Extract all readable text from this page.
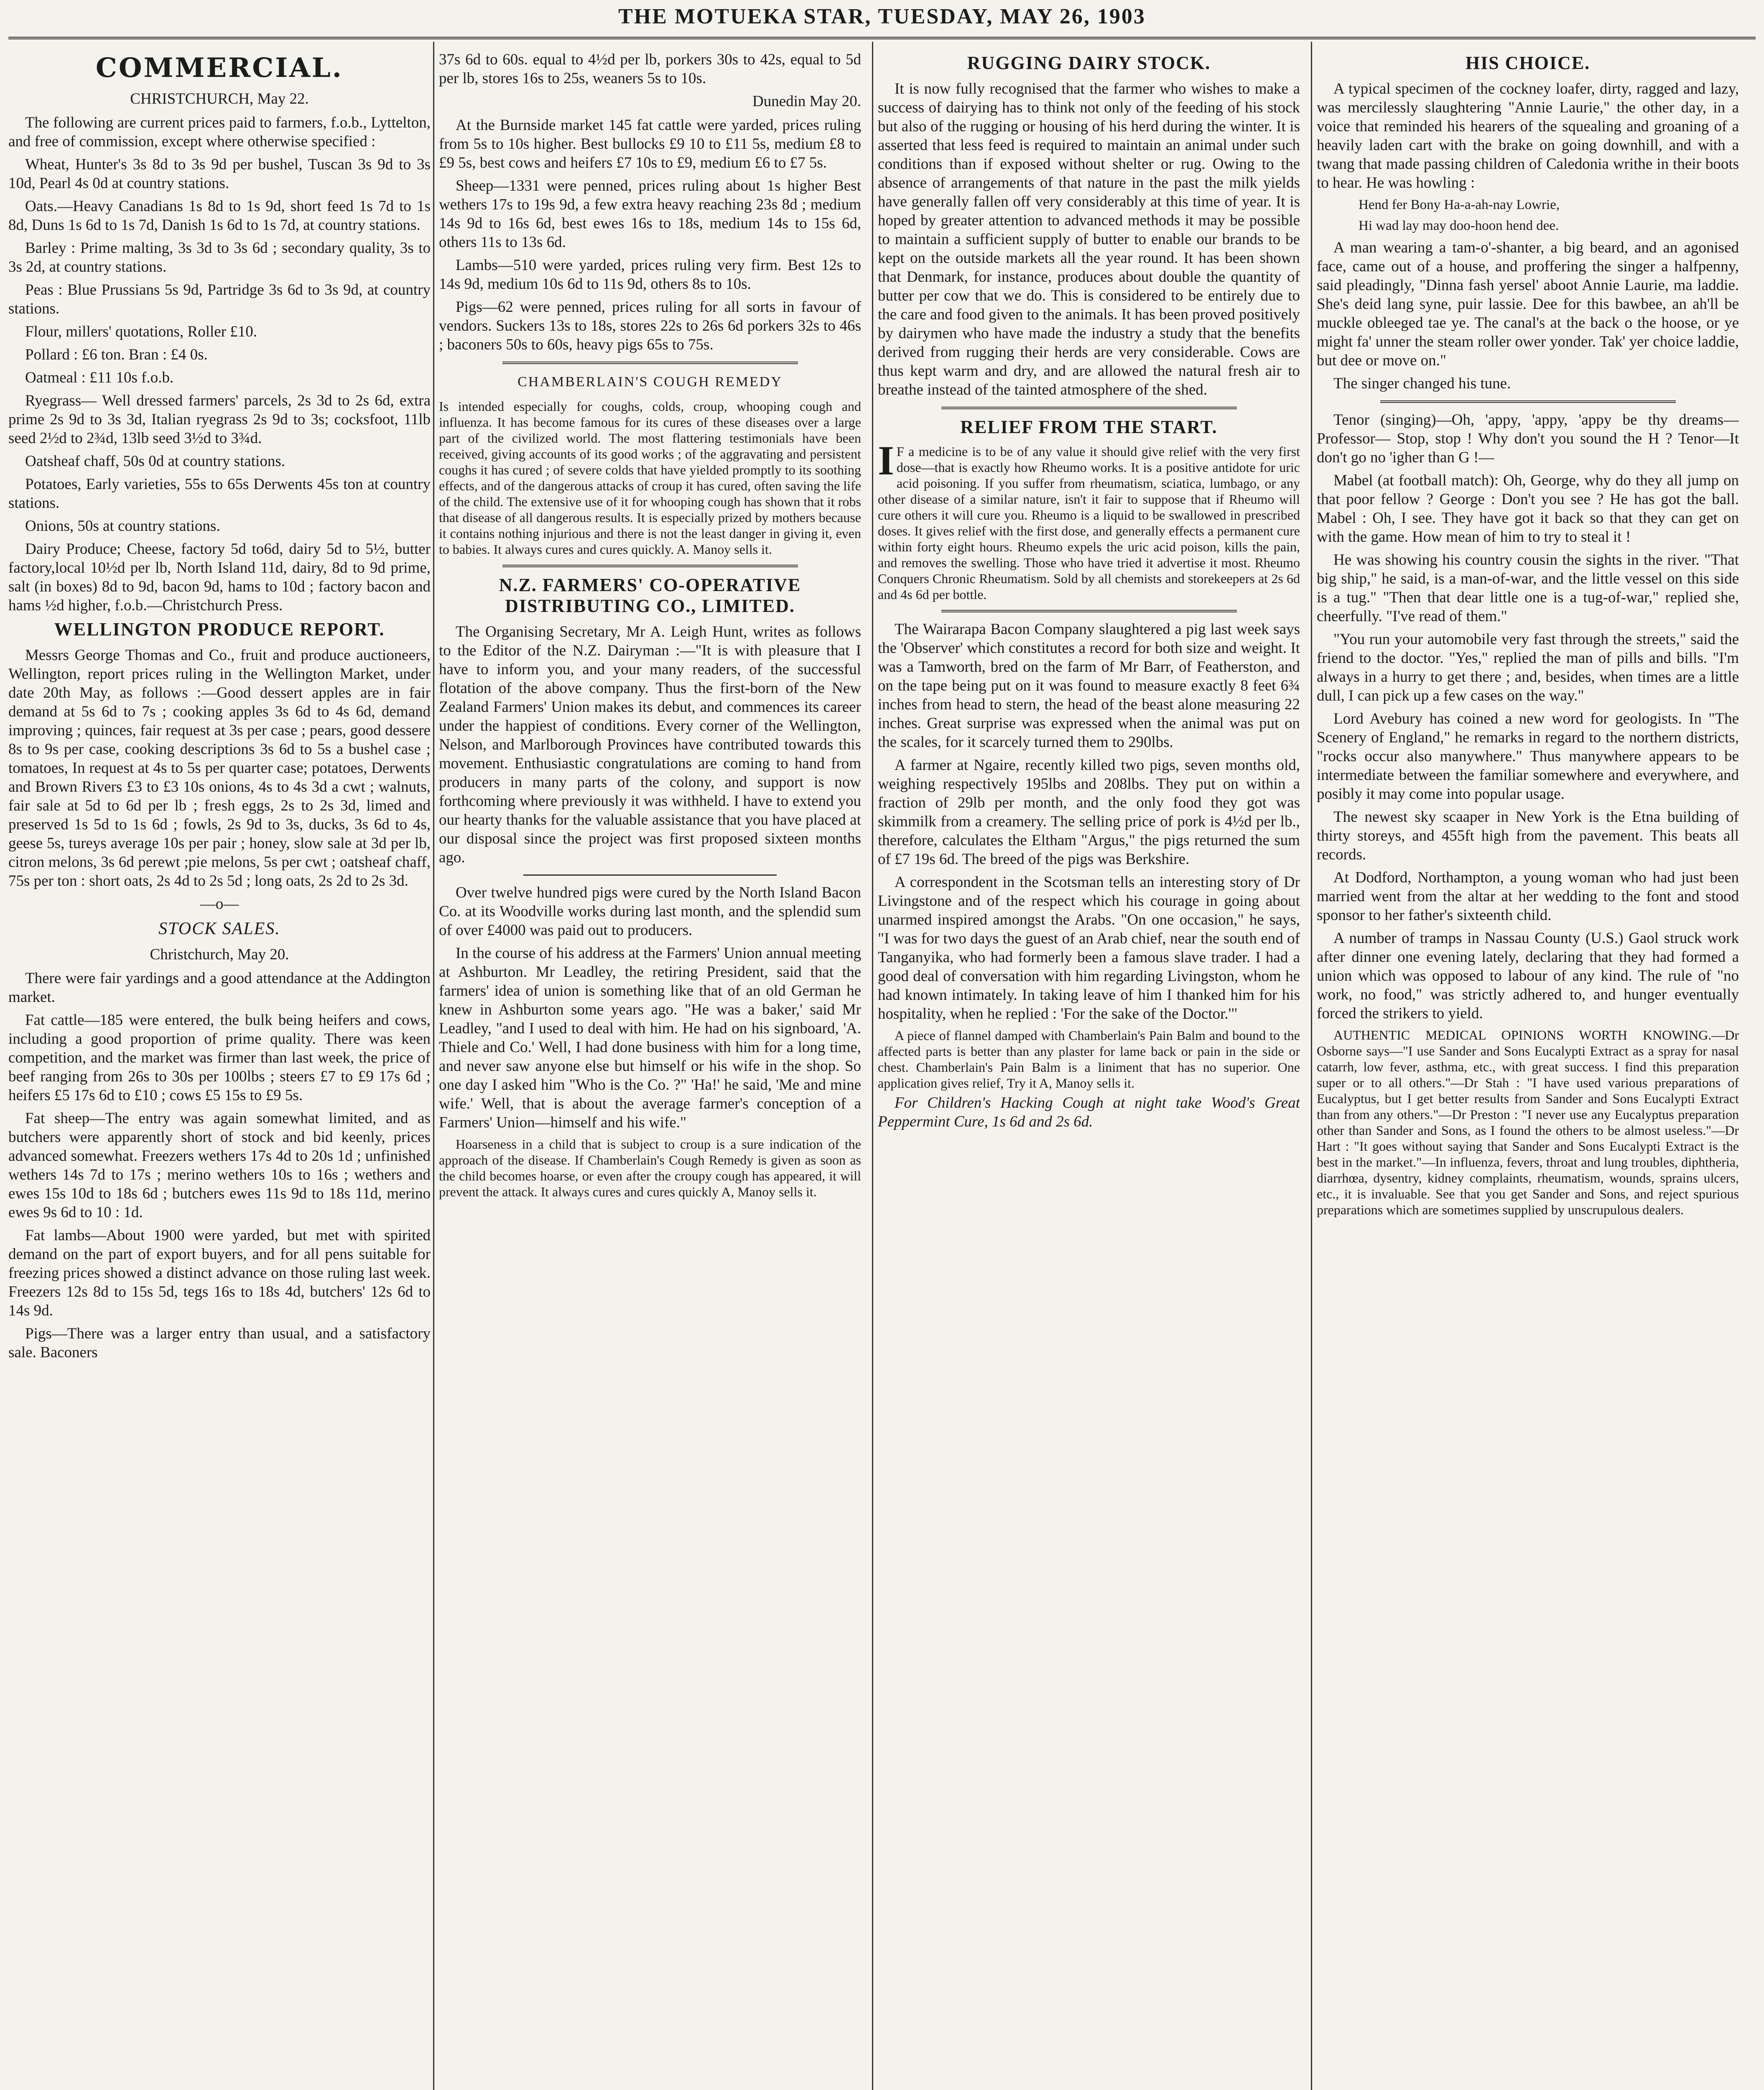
THE MOTUEKA STAR, TUESDAY, MAY 26, 1903
COMMERCIAL.
CHRISTCHURCH, May 22.

The following are current prices paid to farmers, f.o.b., Lyttelton, and free of commission, except where otherwise specified :

Wheat, Hunter's 3s 8d to 3s 9d per bushel, Tuscan 3s 9d to 3s 10d, Pearl 4s 0d at country stations.

Oats.—Heavy Canadians 1s 8d to 1s 9d, short feed 1s 7d to 1s 8d, Duns 1s 6d to 1s 7d, Danish 1s 6d to 1s 7d, at country stations.

Barley : Prime malting, 3s 3d to 3s 6d ; secondary quality, 3s to 3s 2d, at country stations.

Peas : Blue Prussians 5s 9d, Partridge 3s 6d to 3s 9d, at country stations.

Flour, millers' quotations, Roller £10.

Pollard : £6 ton. Bran : £4 0s.

Oatmeal : £11 10s f.o.b.

Ryegrass— Well dressed farmers' parcels, 2s 3d to 2s 6d, extra prime 2s 9d to 3s 3d, Italian ryegrass 2s 9d to 3s; cocksfoot, 11lb seed 2½d to 2¾d, 13lb seed 3½d to 3¾d.

Oatsheaf chaff, 50s 0d at country stations.

Potatoes, Early varieties, 55s to 65s Derwents 45s ton at country stations.

Onions, 50s at country stations.

Dairy Produce; Cheese, factory 5d to6d, dairy 5d to 5½, butter factory,local 10½d per lb, North Island 11d, dairy, 8d to 9d prime, salt (in boxes) 8d to 9d, bacon 9d, hams to 10d ; factory bacon and hams ½d higher, f.o.b.—Christchurch Press.

WELLINGTON PRODUCE REPORT.

Messrs George Thomas and Co., fruit and produce auctioneers, Wellington, report prices ruling in the Wellington Market, under date 20th May, as follows :—Good dessert apples are in fair demand at 5s 6d to 7s ; cooking apples 3s 6d to 4s 6d, demand improving ; quinces, fair request at 3s per case ; pears, good dessere 8s to 9s per case, cooking descriptions 3s 6d to 5s a bushel case ; tomatoes, In request at 4s to 5s per quarter case; potatoes, Derwents and Brown Rivers £3 to £3 10s onions, 4s to 4s 3d a cwt ; walnuts, fair sale at 5d to 6d per lb ; fresh eggs, 2s to 2s 3d, limed and preserved 1s 5d to 1s 6d ; fowls, 2s 9d to 3s, ducks, 3s 6d to 4s, geese 5s, tureys average 10s per pair ; honey, slow sale at 3d per lb, citron melons, 3s 6d perewt ;pie melons, 5s per cwt ; oatsheaf chaff, 75s per ton : short oats, 2s 4d to 2s 5d ; long oats, 2s 2d to 2s 3d.

—o—
STOCK SALES.
Christchurch, May 20.

There were fair yardings and a good attendance at the Addington market.

Fat cattle—185 were entered, the bulk being heifers and cows, including a good proportion of prime quality. There was keen competition, and the market was firmer than last week, the price of beef ranging from 26s to 30s per 100lbs ; steers £7 to £9 17s 6d ; heifers £5 17s 6d to £10 ; cows £5 15s to £9 5s.

Fat sheep—The entry was again somewhat limited, and as butchers were apparently short of stock and bid keenly, prices advanced somewhat. Freezers wethers 17s 4d to 20s 1d ; unfinished wethers 14s 7d to 17s ; merino wethers 10s to 16s ; wethers and ewes 15s 10d to 18s 6d ; butchers ewes 11s 9d to 18s 11d, merino ewes 9s 6d to 10 : 1d.

Fat lambs—About 1900 were yarded, but met with spirited demand on the part of export buyers, and for all pens suitable for freezing prices showed a distinct advance on those ruling last week. Freezers 12s 8d to 15s 5d, tegs 16s to 18s 4d, butchers' 12s 6d to 14s 9d.

Pigs—There was a larger entry than usual, and a satisfactory sale. Baconers

37s 6d to 60s. equal to 4½d per lb, porkers 30s to 42s, equal to 5d per lb, stores 16s to 25s, weaners 5s to 10s.

Dunedin May 20.

At the Burnside market 145 fat cattle were yarded, prices ruling from 5s to 10s higher. Best bullocks £9 10 to £11 5s, medium £8 to £9 5s, best cows and heifers £7 10s to £9, medium £6 to £7 5s.

Sheep—1331 were penned, prices ruling about 1s higher Best wethers 17s to 19s 9d, a few extra heavy reaching 23s 8d ; medium 14s 9d to 16s 6d, best ewes 16s to 18s, medium 14s to 15s 6d, others 11s to 13s 6d.

Lambs—510 were yarded, prices ruling very firm. Best 12s to 14s 9d, medium 10s 6d to 11s 9d, others 8s to 10s.

Pigs—62 were penned, prices ruling for all sorts in favour of vendors. Suckers 13s to 18s, stores 22s to 26s 6d porkers 32s to 46s ; baconers 50s to 60s, heavy pigs 65s to 75s.

CHAMBERLAIN'S COUGH REMEDY

Is intended especially for coughs, colds, croup, whooping cough and influenza. It has become famous for its cures of these diseases over a large part of the civilized world. The most flattering testimonials have been received, giving accounts of its good works ; of the aggravating and persistent coughs it has cured ; of severe colds that have yielded promptly to its soothing effects, and of the dangerous attacks of croup it has cured, often saving the life of the child. The extensive use of it for whooping cough has shown that it robs that disease of all dangerous results. It is especially prized by mothers because it contains nothing injurious and there is not the least danger in giving it, even to babies. It always cures and cures quickly. A. Manoy sells it.

N.Z. FARMERS' CO-OPERATIVE DISTRIBUTING CO., LIMITED.

The Organising Secretary, Mr A. Leigh Hunt, writes as follows to the Editor of the N.Z. Dairyman :—"It is with pleasure that I have to inform you, and your many readers, of the successful flotation of the above company. Thus the first-born of the New Zealand Farmers' Union makes its debut, and commences its career under the happiest of conditions. Every corner of the Wellington, Nelson, and Marlborough Provinces have contributed towards this movement. Enthusiastic congratulations are coming to hand from producers in many parts of the colony, and support is now forthcoming where previously it was withheld. I have to extend you our hearty thanks for the valuable assistance that you have placed at our disposal since the project was first proposed sixteen months ago.

Over twelve hundred pigs were cured by the North Island Bacon Co. at its Woodville works during last month, and the splendid sum of over £4000 was paid out to producers.

In the course of his address at the Farmers' Union annual meeting at Ashburton. Mr Leadley, the retiring President, said that the farmers' idea of union is something like that of an old German he knew in Ashburton some years ago. "He was a baker,' said Mr Leadley, "and I used to deal with him. He had on his signboard, 'A. Thiele and Co.' Well, I had done business with him for a long time, and never saw anyone else but himself or his wife in the shop. So one day I asked him "Who is the Co. ?" 'Ha!' he said, 'Me and mine wife.' Well, that is about the average farmer's conception of a Farmers' Union—himself and his wife."

Hoarseness in a child that is subject to croup is a sure indication of the approach of the disease. If Chamberlain's Cough Remedy is given as soon as the child becomes hoarse, or even after the croupy cough has appeared, it will prevent the attack. It always cures and cures quickly A, Manoy sells it.

RUGGING DAIRY STOCK.

It is now fully recognised that the farmer who wishes to make a success of dairying has to think not only of the feeding of his stock but also of the rugging or housing of his herd during the winter. It is asserted that less feed is required to maintain an animal under such conditions than if exposed without shelter or rug. Owing to the absence of arrangements of that nature in the past the milk yields have generally fallen off very considerably at this time of year. It is hoped by greater attention to advanced methods it may be possible to maintain a sufficient supply of butter to enable our brands to be kept on the outside markets all the year round. It has been shown that Denmark, for instance, produces about double the quantity of butter per cow that we do. This is considered to be entirely due to the care and food given to the animals. It has been proved positively by dairymen who have made the industry a study that the benefits derived from rugging their herds are very considerable. Cows are thus kept warm and dry, and are allowed the natural fresh air to breathe instead of the tainted atmosphere of the shed.

RELIEF FROM THE START.

I F a medicine is to be of any value it should give relief with the very first dose—that is exactly how Rheumo works. It is a positive antidote for uric acid poisoning. If you suffer from rheumatism, sciatica, lumbago, or any other disease of a similar nature, isn't it fair to suppose that if Rheumo will cure others it will cure you. Rheumo is a liquid to be swallowed in prescribed doses. It gives relief with the first dose, and generally effects a permanent cure within forty eight hours. Rheumo expels the uric acid poison, kills the pain, and removes the swelling. Those who have tried it advertise it most. Rheumo Conquers Chronic Rheumatism. Sold by all chemists and storekeepers at 2s 6d and 4s 6d per bottle.

The Wairarapa Bacon Company slaughtered a pig last week says the 'Observer' which constitutes a record for both size and weight. It was a Tamworth, bred on the farm of Mr Barr, of Featherston, and on the tape being put on it was found to measure exactly 8 feet 6¾ inches from head to stern, the head of the beast alone measuring 22 inches. Great surprise was expressed when the animal was put on the scales, for it scarcely turned them to 290lbs.

A farmer at Ngaire, recently killed two pigs, seven months old, weighing respectively 195lbs and 208lbs. They put on within a fraction of 29lb per month, and the only food they got was skimmilk from a creamery. The selling price of pork is 4½d per lb., therefore, calculates the Eltham "Argus," the pigs returned the sum of £7 19s 6d. The breed of the pigs was Berkshire.

A correspondent in the Scotsman tells an interesting story of Dr Livingstone and of the respect which his courage in going about unarmed inspired amongst the Arabs. "On one occasion," he says, "I was for two days the guest of an Arab chief, near the south end of Tanganyika, who had formerly been a famous slave trader. I had a good deal of conversation with him regarding Livingston, whom he had known intimately. In taking leave of him I thanked him for his hospitality, when he replied : 'For the sake of the Doctor.'"

A piece of flannel damped with Chamberlain's Pain Balm and bound to the affected parts is better than any plaster for lame back or pain in the side or chest. Chamberlain's Pain Balm is a liniment that has no superior. One application gives relief, Try it A, Manoy sells it.

For Children's Hacking Cough at night take Wood's Great Peppermint Cure, 1s 6d and 2s 6d.

HIS CHOICE.

A typical specimen of the cockney loafer, dirty, ragged and lazy, was mercilessly slaughtering "Annie Laurie," the other day, in a voice that reminded his hearers of the squealing and groaning of a heavily laden cart with the brake on going downhill, and with a twang that made passing children of Caledonia writhe in their boots to hear. He was howling :

Hend fer Bony Ha-a-ah-nay Lowrie,

Hi wad lay may doo-hoon hend dee.

A man wearing a tam-o'-shanter, a big beard, and an agonised face, came out of a house, and proffering the singer a halfpenny, said pleadingly, "Dinna fash yersel' aboot Annie Laurie, ma laddie. She's deid lang syne, puir lassie. Dee for this bawbee, an ah'll be muckle obleeged tae ye. The canal's at the back o the hoose, or ye might fa' unner the steam roller ower yonder. Tak' yer choice laddie, but dee or move on."

The singer changed his tune.

Tenor (singing)—Oh, 'appy, 'appy, 'appy be thy dreams— Professor— Stop, stop ! Why don't you sound the H ? Tenor—It don't go no 'igher than G !—

Mabel (at football match): Oh, George, why do they all jump on that poor fellow ? George : Don't you see ? He has got the ball. Mabel : Oh, I see. They have got it back so that they can get on with the game. How mean of him to try to steal it !

He was showing his country cousin the sights in the river. "That big ship," he said, is a man-of-war, and the little vessel on this side is a tug." "Then that dear little one is a tug-of-war," replied she, cheerfully. "I've read of them."

"You run your automobile very fast through the streets," said the friend to the doctor. "Yes," replied the man of pills and bills. "I'm always in a hurry to get there ; and, besides, when times are a little dull, I can pick up a few cases on the way."

Lord Avebury has coined a new word for geologists. In "The Scenery of England," he remarks in regard to the northern districts, "rocks occur also manywhere." Thus manywhere appears to be intermediate between the familiar somewhere and everywhere, and posibly it may come into popular usage.

The newest sky scaaper in New York is the Etna building of thirty storeys, and 455ft high from the pavement. This beats all records.

At Dodford, Northampton, a young woman who had just been married went from the altar at her wedding to the font and stood sponsor to her father's sixteenth child.

A number of tramps in Nassau County (U.S.) Gaol struck work after dinner one evening lately, declaring that they had formed a union which was opposed to labour of any kind. The rule of "no work, no food," was strictly adhered to, and hunger eventually forced the strikers to yield.

AUTHENTIC MEDICAL OPINIONS WORTH KNOWING.—Dr Osborne says—"I use Sander and Sons Eucalypti Extract as a spray for nasal catarrh, low fever, asthma, etc., with great success. I find this preparation super or to all others."—Dr Stah : "I have used various preparations of Eucalyptus, but I get better results from Sander and Sons Eucalypti Extract than from any others."—Dr Preston : "I never use any Eucalyptus preparation other than Sander and Sons, as I found the others to be almost useless."—Dr Hart : "It goes without saying that Sander and Sons Eucalypti Extract is the best in the market."—In influenza, fevers, throat and lung troubles, diphtheria, diarrhœa, dysentry, kidney complaints, rheumatism, wounds, sprains ulcers, etc., it is invaluable. See that you get Sander and Sons, and reject spurious preparations which are sometimes supplied by unscrupulous dealers.
